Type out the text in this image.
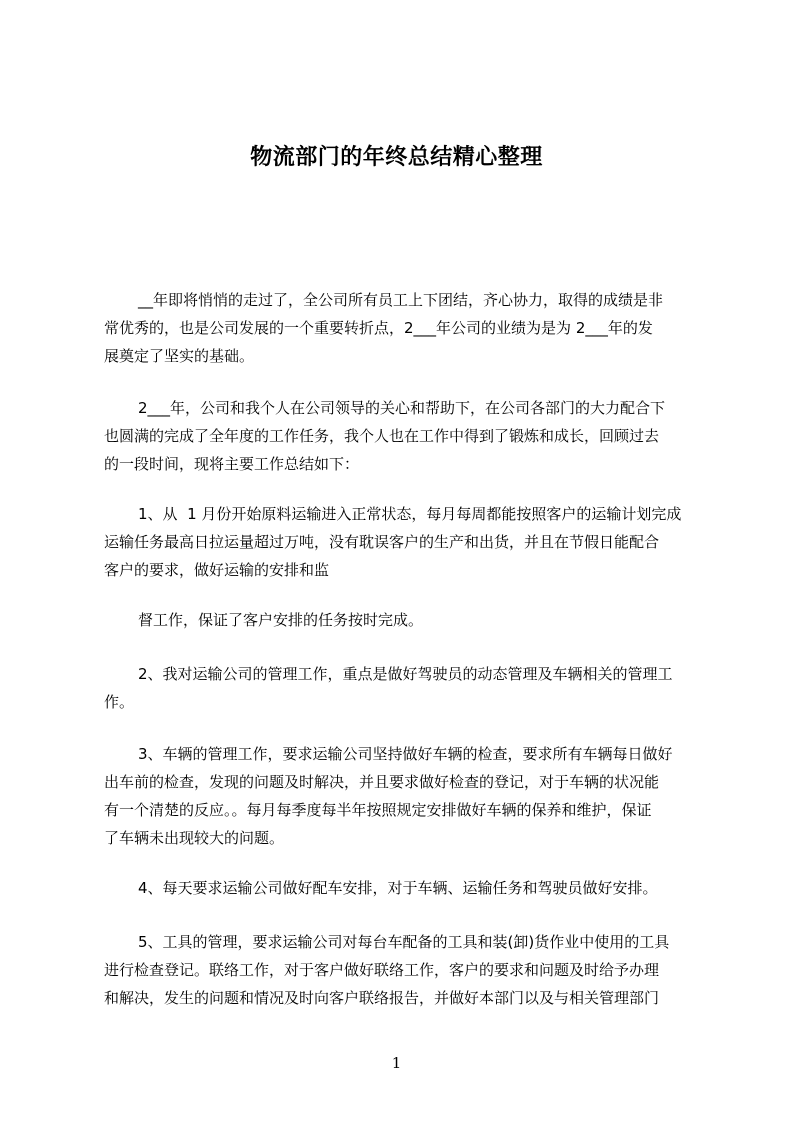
物流部门的年终总结精心整理
__年即将悄悄的走过了，全公司所有员工上下团结，齐心协力，取得的成绩是非
常优秀的，也是公司发展的一个重要转折点，2___年公司的业绩为是为 2___年的发
展奠定了坚实的基础。
2___年，公司和我个人在公司领导的关心和帮助下，在公司各部门的大力配合下
也圆满的完成了全年度的工作任务，我个人也在工作中得到了锻炼和成长，回顾过去
的一段时间，现将主要工作总结如下：
1、从  1 月份开始原料运输进入正常状态，每月每周都能按照客户的运输计划完成
运输任务最高日拉运量超过万吨，没有耽误客户的生产和出货，并且在节假日能配合
客户的要求，做好运输的安排和监
督工作，保证了客户安排的任务按时完成。
2、我对运输公司的管理工作，重点是做好驾驶员的动态管理及车辆相关的管理工
作。
3、车辆的管理工作，要求运输公司坚持做好车辆的检查，要求所有车辆每日做好
出车前的检查，发现的问题及时解决，并且要求做好检查的登记，对于车辆的状况能
有一个清楚的反应。。每月每季度每半年按照规定安排做好车辆的保养和维护，保证
了车辆未出现较大的问题。
4、每天要求运输公司做好配车安排，对于车辆、运输任务和驾驶员做好安排。
5、工具的管理，要求运输公司对每台车配备的工具和装(卸)货作业中使用的工具
进行检查登记。联络工作，对于客户做好联络工作，客户的要求和问题及时给予办理
和解决，发生的问题和情况及时向客户联络报告，并做好本部门以及与相关管理部门
1
